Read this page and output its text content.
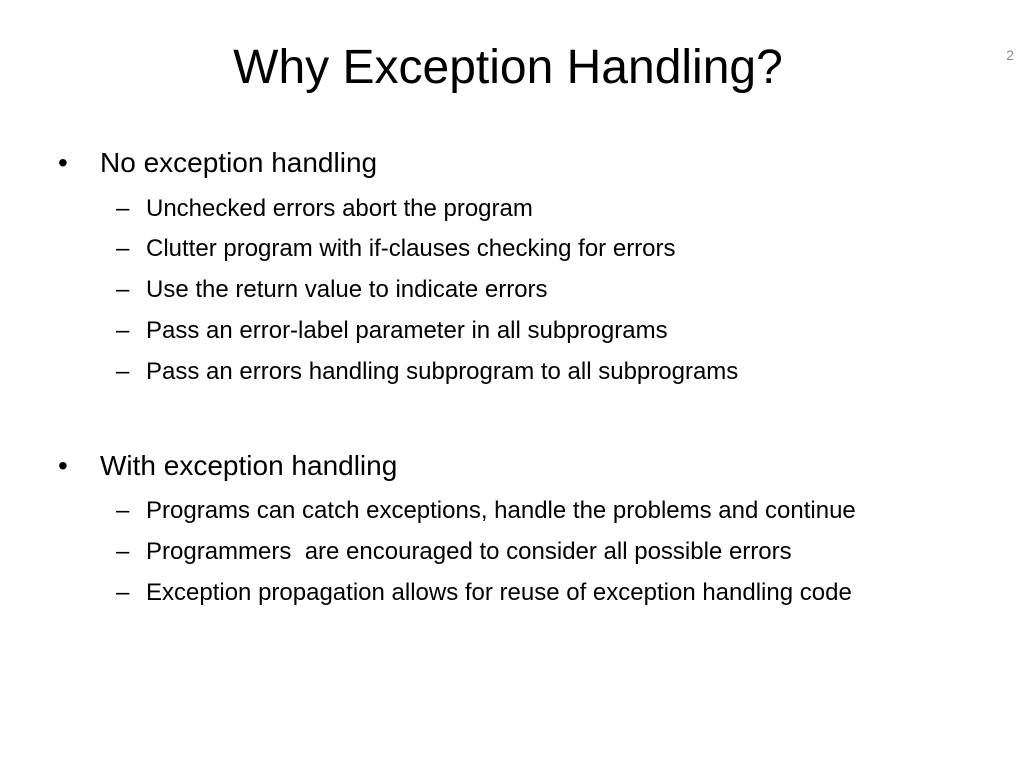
Why Exception Handling?	2
• No exception handling
– Unchecked errors abort the program
– Clutter program with if-clauses checking for errors
– Use the return value to indicate errors
– Pass an error-label parameter in all subprograms
– Pass an errors handling subprogram to all subprograms
• With exception handling
– Programs can catch exceptions, handle the problems and continue
– Programmers  are encouraged to consider all possible errors
– Exception propagation allows for reuse of exception handling code
